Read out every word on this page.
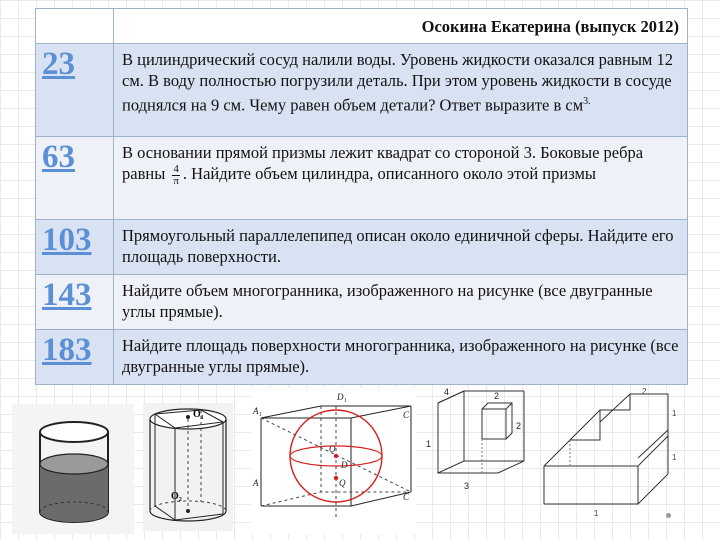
Осокина Екатерина (выпуск 2012)
23	В цилиндрический сосуд налили воды. Уровень жидкости оказался равным 12 см. В воду полностью погрузили деталь. При этом уровень жидкости в сосуде поднялся на 9 см. Чему равен объем детали? Ответ выразите в $см^{3.}$
63	В основании прямой призмы лежит квадрат со стороной 3. Боковые ребра равны $\frac{4}{\pi}$ . Найдите объем цилиндра, описанного около этой призмы
103	Прямоугольный параллелепипед описан около единичной сферы. Найдите его площадь поверхности.
143	Найдите объем многогранника, изображенного на рисунке (все двугранные углы прямые).
183	Найдите площадь поверхности многогранника, изображенного на рисунке (все двугранные углы прямые).
O₁
O₂
A₁
D₁
C₁
A
D
C
O
Q
4
1
3
2
2
2
1
1
1
